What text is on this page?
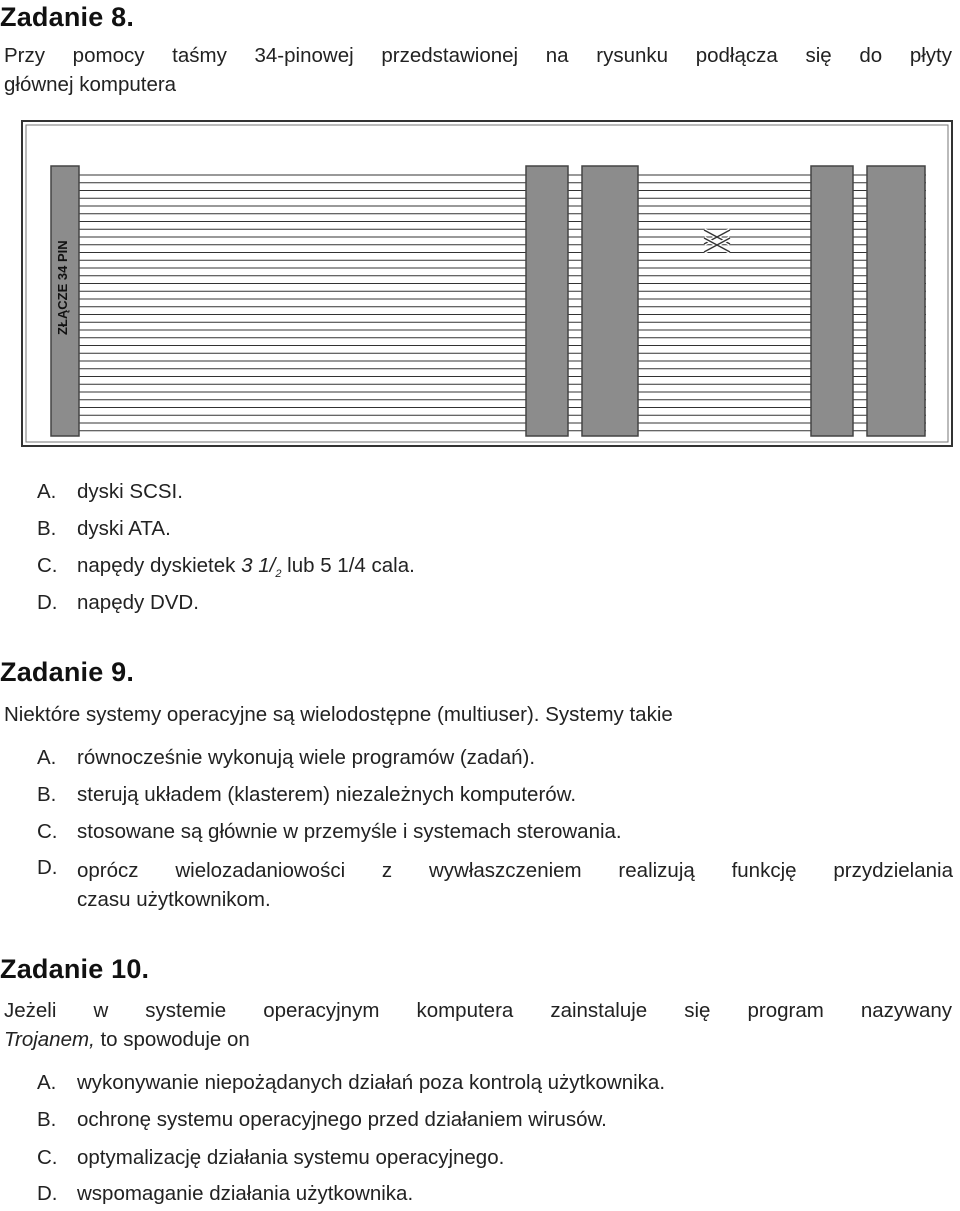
Zadanie 8.
Przy pomocy taśmy 34-pinowej przedstawionej na rysunku podłącza się do płyty
głównej komputera
ZŁĄCZE 34 PIN
A. dyski SCSI.
B. dyski ATA.
C. napędy dyskietek 3 $1/_2$ lub 5 1/4 cala.
D. napędy DVD.
Zadanie 9.
Niektóre systemy operacyjne są wielodostępne (multiuser). Systemy takie
A. równocześnie wykonują wiele programów (zadań).
B. sterują układem (klasterem) niezależnych komputerów.
C. stosowane są głównie w przemyśle i systemach sterowania.
D. oprócz wielozadaniowości z wywłaszczeniem realizują funkcję przydzielania
czasu użytkownikom.
Zadanie 10.
Jeżeli w systemie operacyjnym komputera zainstaluje się program nazywany
Trojanem, to spowoduje on
A. wykonywanie niepożądanych działań poza kontrolą użytkownika.
B. ochronę systemu operacyjnego przed działaniem wirusów.
C. optymalizację działania systemu operacyjnego.
D. wspomaganie działania użytkownika.
